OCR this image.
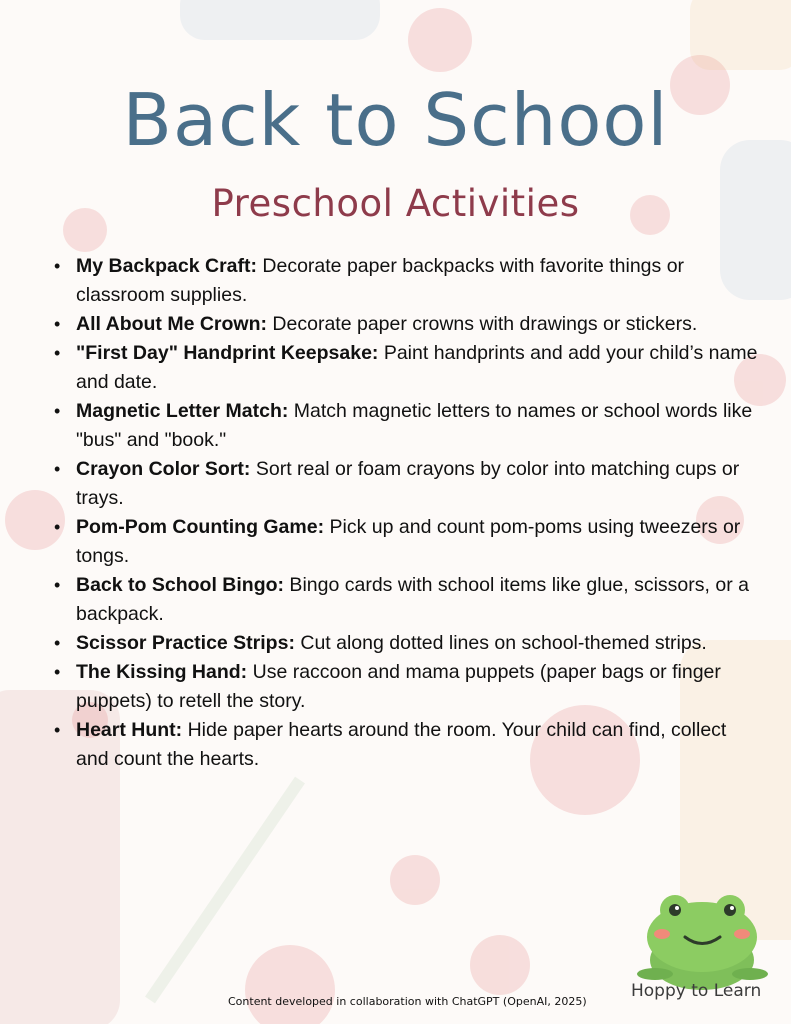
Back to School
Preschool Activities
• My Backpack Craft: Decorate paper backpacks with favorite things or classroom supplies.
• All About Me Crown: Decorate paper crowns with drawings or stickers.
• "First Day" Handprint Keepsake: Paint handprints and add your child’s name and date.
• Magnetic Letter Match: Match magnetic letters to names or school words like "bus" and "book."
• Crayon Color Sort: Sort real or foam crayons by color into matching cups or trays.
• Pom-Pom Counting Game: Pick up and count pom-poms using tweezers or tongs.
• Back to School Bingo: Bingo cards with school items like glue, scissors, or a backpack.
• Scissor Practice Strips: Cut along dotted lines on school-themed strips.
• The Kissing Hand: Use raccoon and mama puppets (paper bags or finger puppets) to retell the story.
• Heart Hunt: Hide paper hearts around the room. Your child can find, collect and count the hearts.
Hoppy to Learn
Content developed in collaboration with ChatGPT (OpenAI, 2025)
